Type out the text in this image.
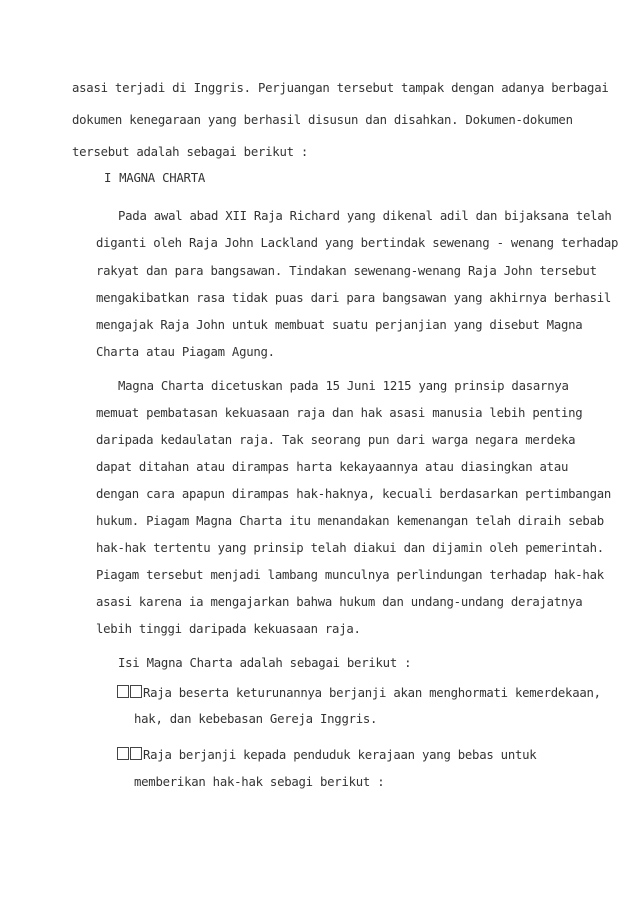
asasi terjadi di Inggris. Perjuangan tersebut tampak dengan adanya berbagai
dokumen kenegaraan yang berhasil disusun dan disahkan. Dokumen-dokumen
tersebut adalah sebagai berikut :
I MAGNA CHARTA
Pada awal abad XII Raja Richard yang dikenal adil dan bijaksana telah
diganti oleh Raja John Lackland yang bertindak sewenang - wenang terhadap
rakyat dan para bangsawan. Tindakan sewenang-wenang Raja John tersebut
mengakibatkan rasa tidak puas dari para bangsawan yang akhirnya berhasil
mengajak Raja John untuk membuat suatu perjanjian yang disebut Magna
Charta atau Piagam Agung.
Magna Charta dicetuskan pada 15 Juni 1215 yang prinsip dasarnya
memuat pembatasan kekuasaan raja dan hak asasi manusia lebih penting
daripada kedaulatan raja. Tak seorang pun dari warga negara merdeka
dapat ditahan atau dirampas harta kekayaannya atau diasingkan atau
dengan cara apapun dirampas hak-haknya, kecuali berdasarkan pertimbangan
hukum. Piagam Magna Charta itu menandakan kemenangan telah diraih sebab
hak-hak tertentu yang prinsip telah diakui dan dijamin oleh pemerintah.
Piagam tersebut menjadi lambang munculnya perlindungan terhadap hak-hak
asasi karena ia mengajarkan bahwa hukum dan undang-undang derajatnya
lebih tinggi daripada kekuasaan raja.
Isi Magna Charta adalah sebagai berikut :
Raja beserta keturunannya berjanji akan menghormati kemerdekaan,
hak, dan kebebasan Gereja Inggris.
Raja berjanji kepada penduduk kerajaan yang bebas untuk
memberikan hak-hak sebagi berikut :
